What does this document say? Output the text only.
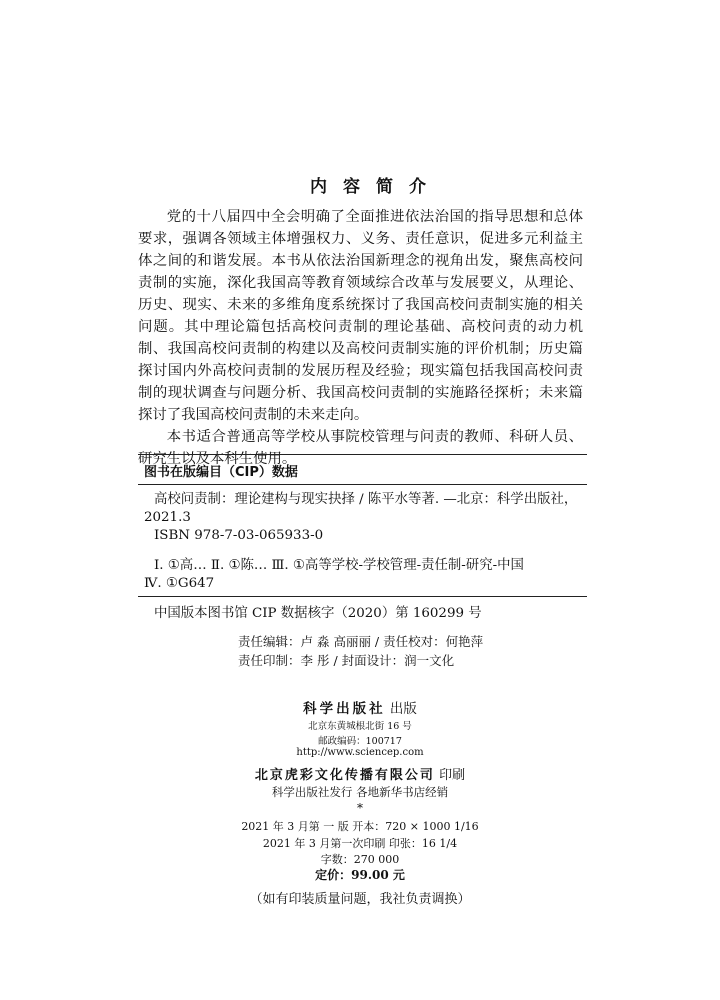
内容简介

党的十八届四中全会明确了全面推进依法治国的指导思想和总体要求，强调各领域主体增强权力、义务、责任意识，促进多元利益主体之间的和谐发展。本书从依法治国新理念的视角出发，聚焦高校问责制的实施，深化我国高等教育领域综合改革与发展要义，从理论、历史、现实、未来的多维角度系统探讨了我国高校问责制实施的相关问题。其中理论篇包括高校问责制的理论基础、高校问责的动力机制、我国高校问责制的构建以及高校问责制实施的评价机制；历史篇探讨国内外高校问责制的发展历程及经验；现实篇包括我国高校问责制的现状调查与问题分析、我国高校问责制的实施路径探析；未来篇探讨了我国高校问责制的未来走向。

本书适合普通高等学校从事院校管理与问责的教师、科研人员、研究生以及本科生使用。

图书在版编目（CIP）数据
高校问责制：理论建构与现实抉择 / 陈平水等著. —北京：科学出版社，
2021.3
ISBN 978-7-03-065933-0
Ⅰ. ①高… Ⅱ. ①陈… Ⅲ. ①高等学校-学校管理-责任制-研究-中国
Ⅳ. ①G647
中国版本图书馆 CIP 数据核字（2020）第 160299 号
责任编辑：卢 淼 高丽丽 / 责任校对：何艳萍
责任印制：李 彤 / 封面设计：润一文化
科学出版社 出版
北京东黄城根北街 16 号
邮政编码：100717
http://www.sciencep.com
北京虎彩文化传播有限公司 印刷
科学出版社发行 各地新华书店经销
*
2021 年 3 月第 一 版 开本：720 × 1000 1/16
2021 年 3 月第一次印刷 印张：16 1/4
字数：270 000
定价：99.00 元
（如有印装质量问题，我社负责调换）
